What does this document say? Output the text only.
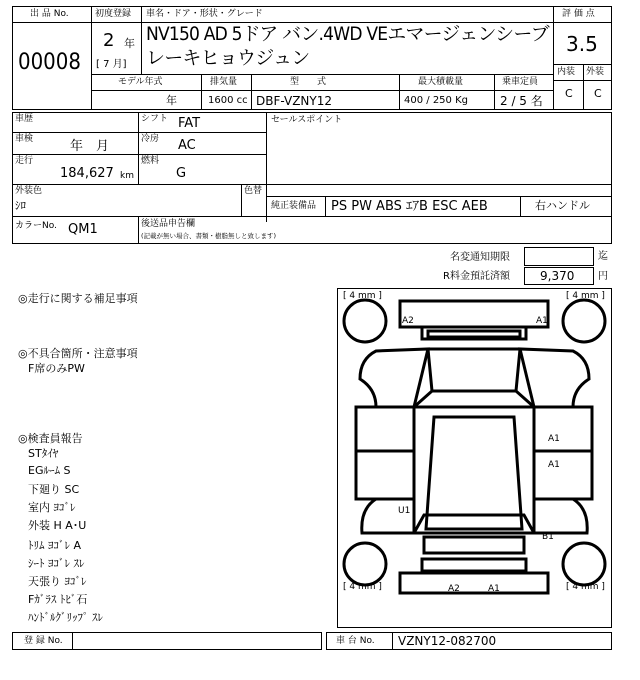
出 品 No.
00008
初度登録
2 年
[ 7 月]
車名・ドア・形状・グレード
NV150 AD 5ドア バン.4WD VEエマージェンシーブ
レーキヒョウジュン
評 価 点
3.5
内装 外装
C C
モデル年式
年
排気量
1600 cc
型　　式
DBF-VZNY12
最大積載量
400 / 250 Kg
乗車定員
2 / 5 名
車歴	シフト FAT	セールスポイント
車検	年　月	冷房 AC
走行
184,627 km
燃料
G
外装色
ｼﾛ
色替
純正装備品 PS PW ABS ｴｱB ESC AEB	右ハンドル
カラーNo. QM1	後送品申告欄
(記載が無い場合、書類・樹脂無しと致します)
名変通知期限	迄
R料金預託済額	9,370 円
◎走行に関する補足事項
◎不具合箇所・注意事項
F席のみPW
◎検査員報告
STﾀｲﾔ
EGﾙｰﾑ S
下廻り SC
室内 ﾖｺﾞﾚ
外装 H A･U
ﾄﾘﾑ ﾖｺﾞﾚ A
ｼｰﾄ ﾖｺﾞﾚ ｽﾚ
天張り ﾖｺﾞﾚ
Fｶﾞﾗｽ ﾄﾋﾞ石
ﾊﾝﾄﾞﾙｸﾞﾘｯﾌﾟ ｽﾚ
[ 4 mm ]	[ 4 mm ]
[ 4 mm ]	[ 4 mm ]
A2	A1
A1
A1
U1
B1
A2	A1
登 録 No.	車 台 No. VZNY12-082700
